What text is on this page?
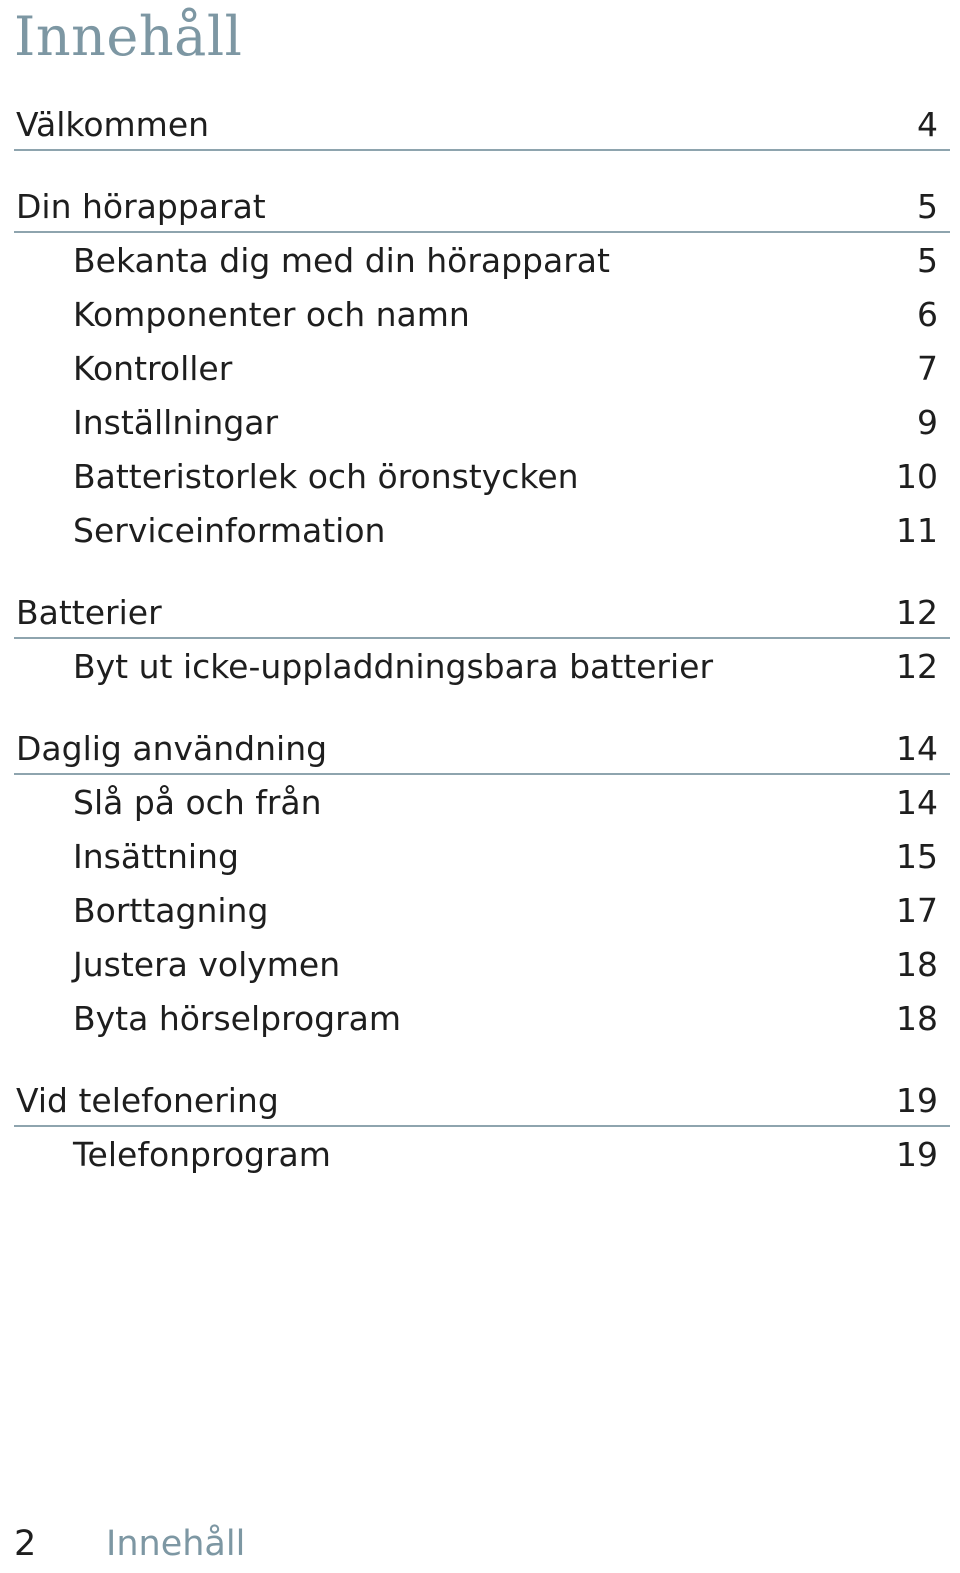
Innehåll
Välkommen	4
Din hörapparat	5
Bekanta dig med din hörapparat	5
Komponenter och namn	6
Kontroller	7
Inställningar	9
Batteristorlek och öronstycken	10
Serviceinformation	11
Batterier	12
Byt ut icke-uppladdningsbara batterier	12
Daglig användning	14
Slå på och från	14
Insättning	15
Borttagning	17
Justera volymen	18
Byta hörselprogram	18
Vid telefonering	19
Telefonprogram	19
2 Innehåll
